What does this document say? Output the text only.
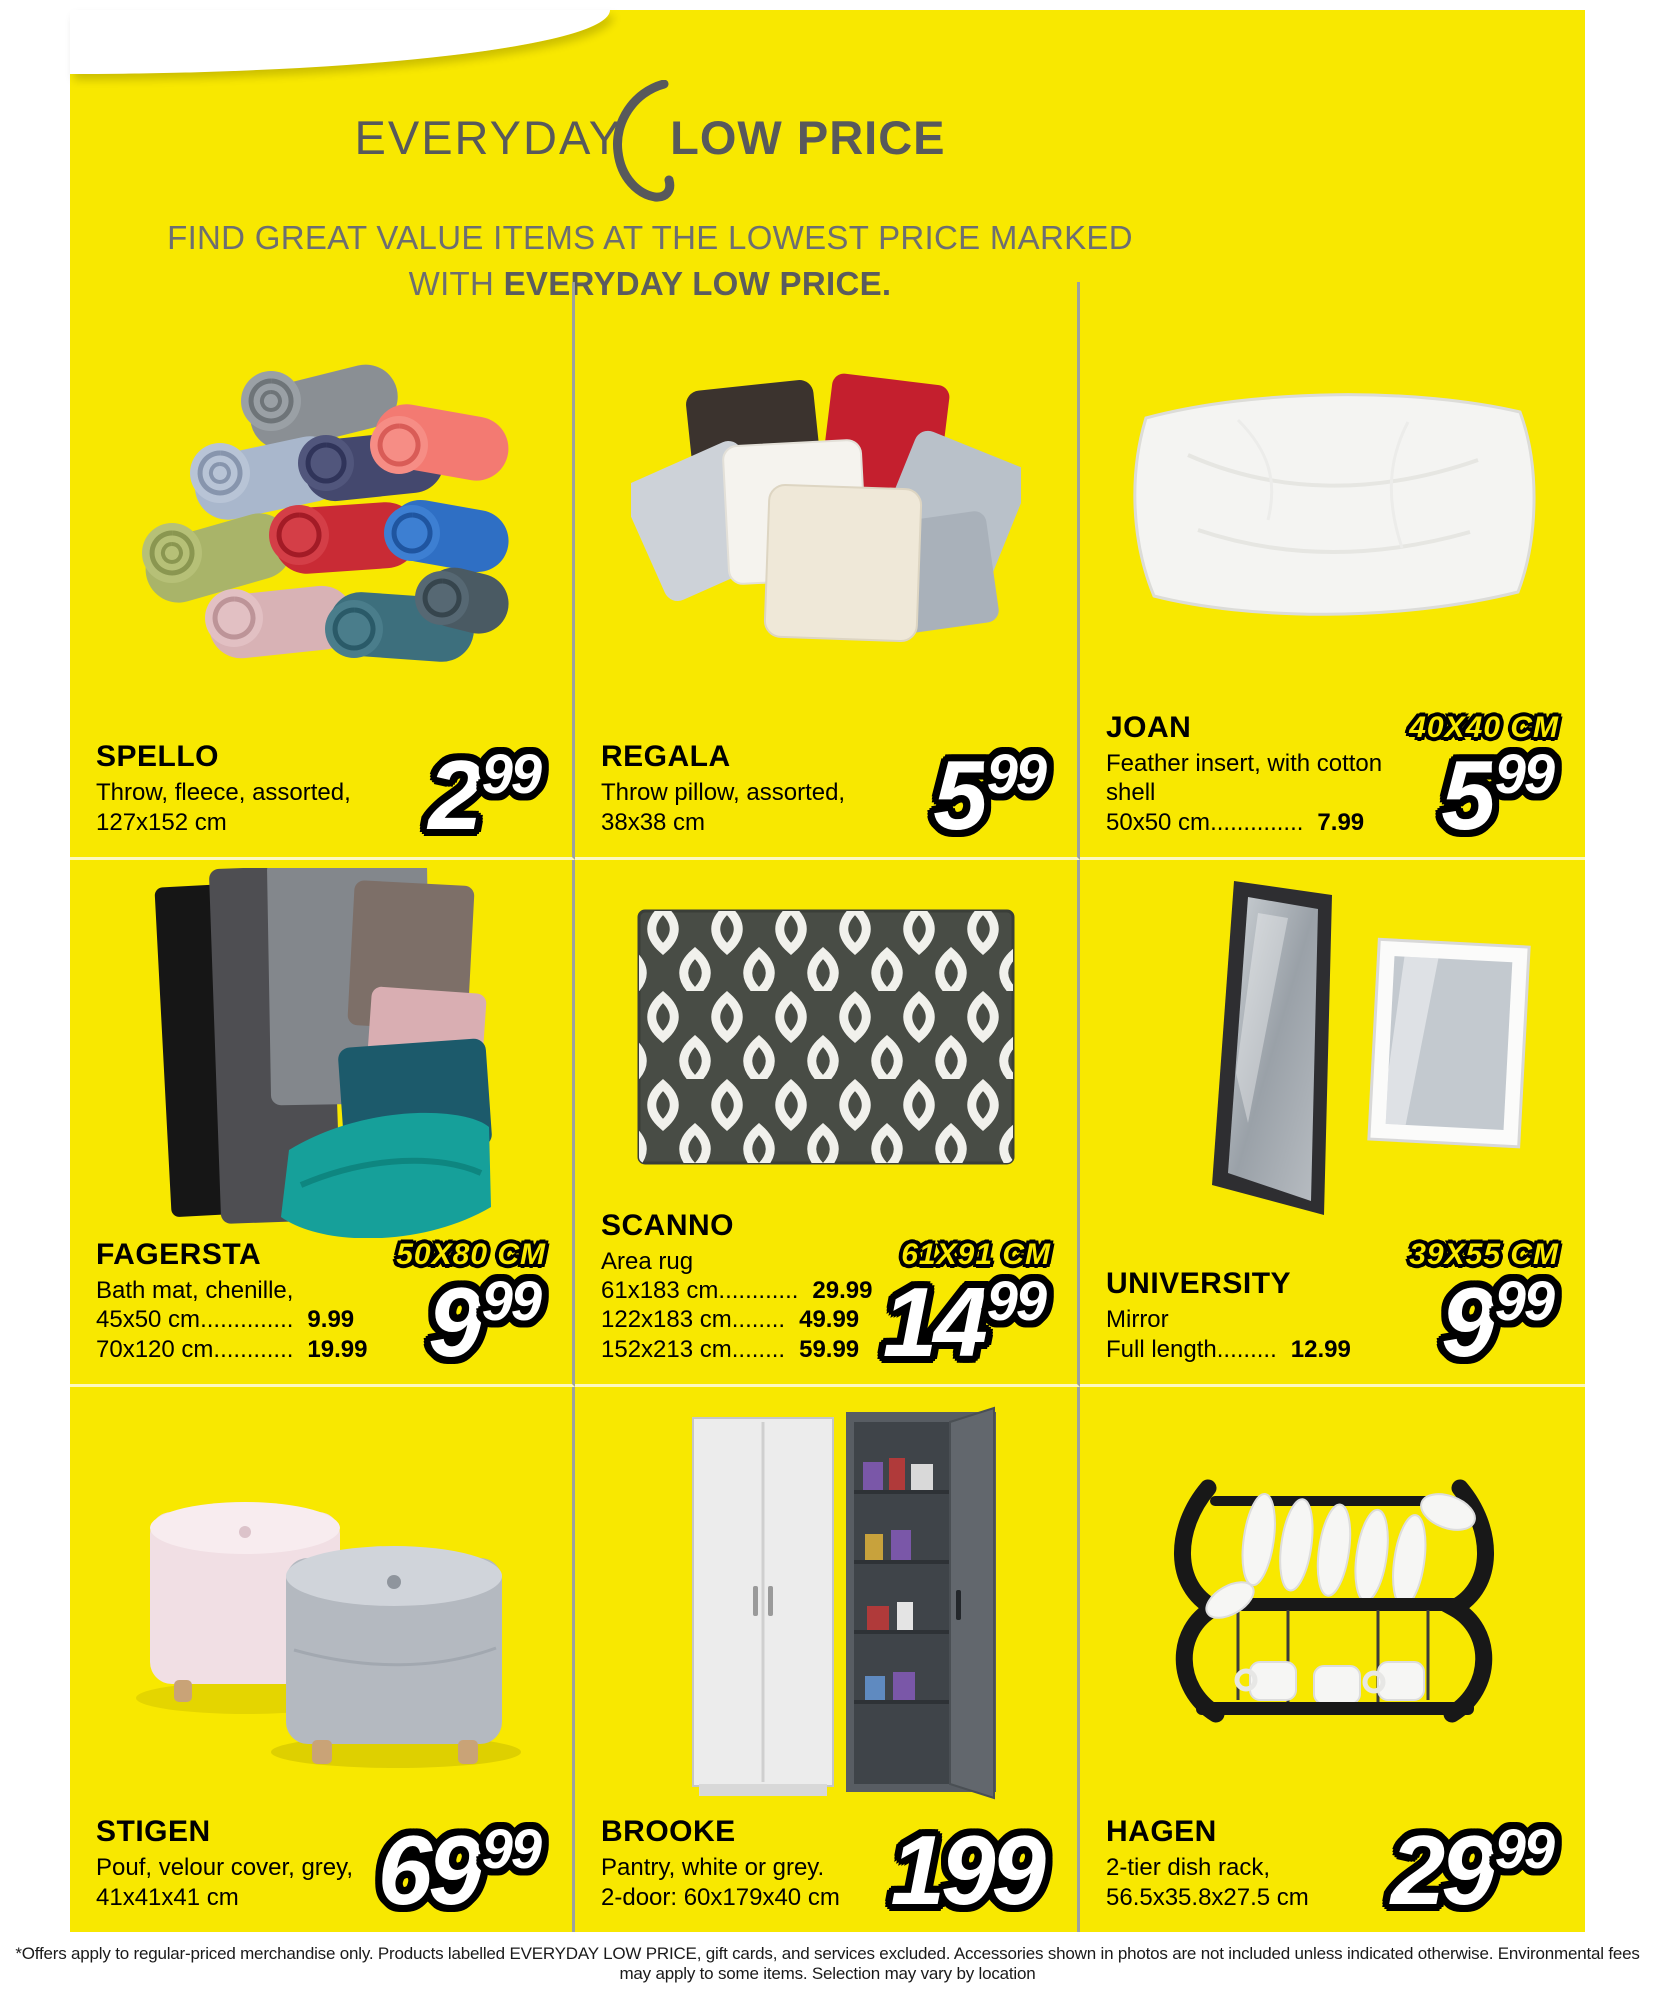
EVERYDAY LOW PRICE
FIND GREAT VALUE ITEMS AT THE LOWEST PRICE MARKED
WITH EVERYDAY LOW PRICE.
SPELLO
Throw, fleece, assorted,
127x152 cm	$2^{99}$ REGALA
Throw pillow, assorted,
38x38 cm	$5^{99}$
JOAN
Feather insert, with cotton
shell
50x50 cm.............. 7.99
40X40 CM
$5^{99}$
FAGERSTA
Bath mat, chenille,
45x50 cm.............. 9.99
70x120 cm............ 19.99
50X80 CM
$9^{99}$
SCANNO
Area rug
61x183 cm............ 29.99
122x183 cm........ 49.99
152x213 cm........ 59.99
61X91 CM
$14^{99}$ UNIVERSITY
Mirror
Full length......... 12.99
39X55 CM
$9^{99}$
STIGEN
Pouf, velour cover, grey,
41x41x41 cm	$69^{99}$ BROOKE
Pantry, white or grey.
2-door: 60x179x40 cm 199	HAGEN
2-tier dish rack,
56.5x35.8x27.5 cm $29^{99}$
*Offers apply to regular-priced merchandise only. Products labelled EVERYDAY LOW PRICE, gift cards, and services excluded. Accessories shown in photos are not included unless indicated otherwise. Environmental fees may apply to some items. Selection may vary by location
